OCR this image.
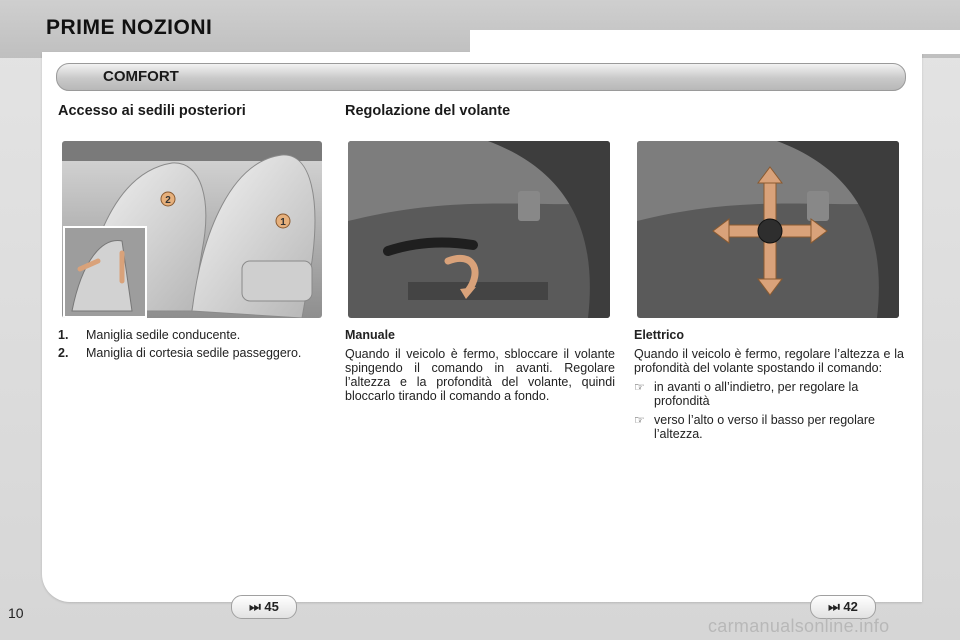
PRIME NOZIONI
COMFORT
Accesso ai sedili posteriori
2
1
1.	Maniglia sedile conducente.
2.	Maniglia di cortesia sedile passeggero.
Regolazione del volante
Manuale
Quando il veicolo è fermo, sbloccare il volante spingendo il comando in avanti. Regolare l’altezza e la profondità del volante, quindi bloccarlo tirando il comando a fondo.
Elettrico
Quando il veicolo è fermo, regolare l’altezza e la profondità del volante spostando il comando:
☞ in avanti o all’indietro, per regolare la profondità
☞ verso l’alto o verso il basso per regolare l’altezza.
⏭ 45	⏭ 42
10
carmanualsonline.info
